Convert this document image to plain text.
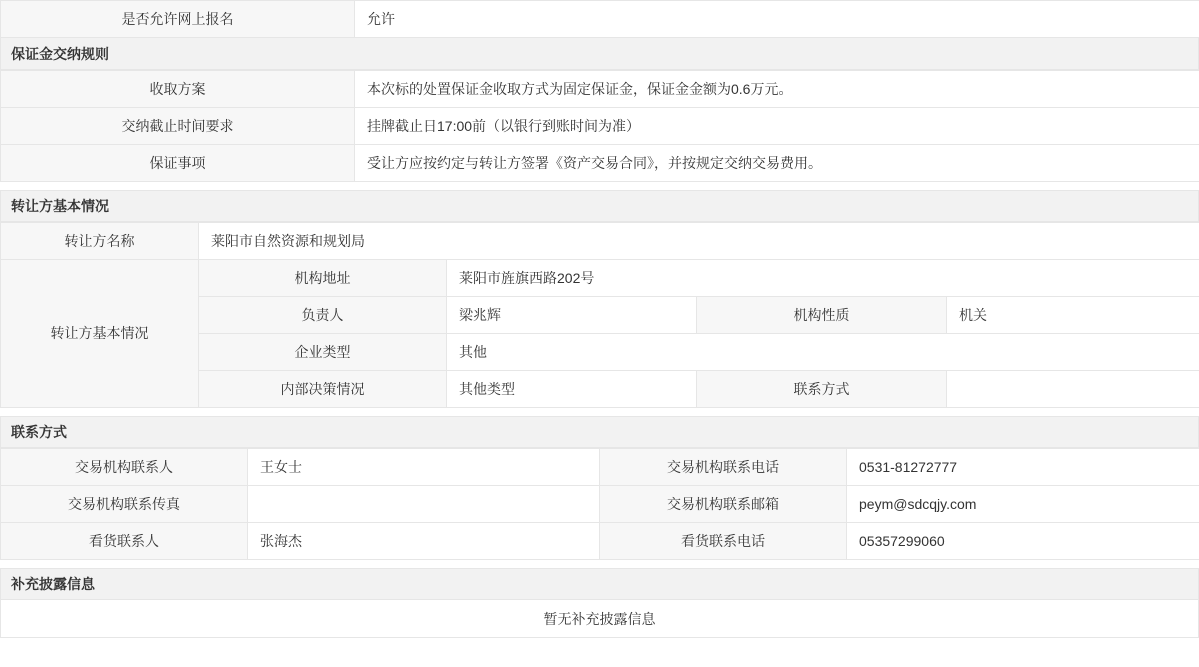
是否允许网上报名	允许
保证金交纳规则
收取方案	本次标的处置保证金收取方式为固定保证金，保证金金额为0.6万元。
交纳截止时间要求	挂牌截止日17:00前（以银行到账时间为准）
保证事项	受让方应按约定与转让方签署《资产交易合同》，并按规定交纳交易费用。
转让方基本情况
转让方名称	莱阳市自然资源和规划局			
转让方基本情况	机构地址	莱阳市旌旗西路202号		
	负责人	梁兆辉	机构性质	机关
	企业类型	其他		
	内部决策情况	其他类型	联系方式	
联系方式
交易机构联系人	王女士	交易机构联系电话	0531-81272777
交易机构联系传真		交易机构联系邮箱	peym@sdcqjy.com
看货联系人	张海杰	看货联系电话	05357299060
补充披露信息
暂无补充披露信息
